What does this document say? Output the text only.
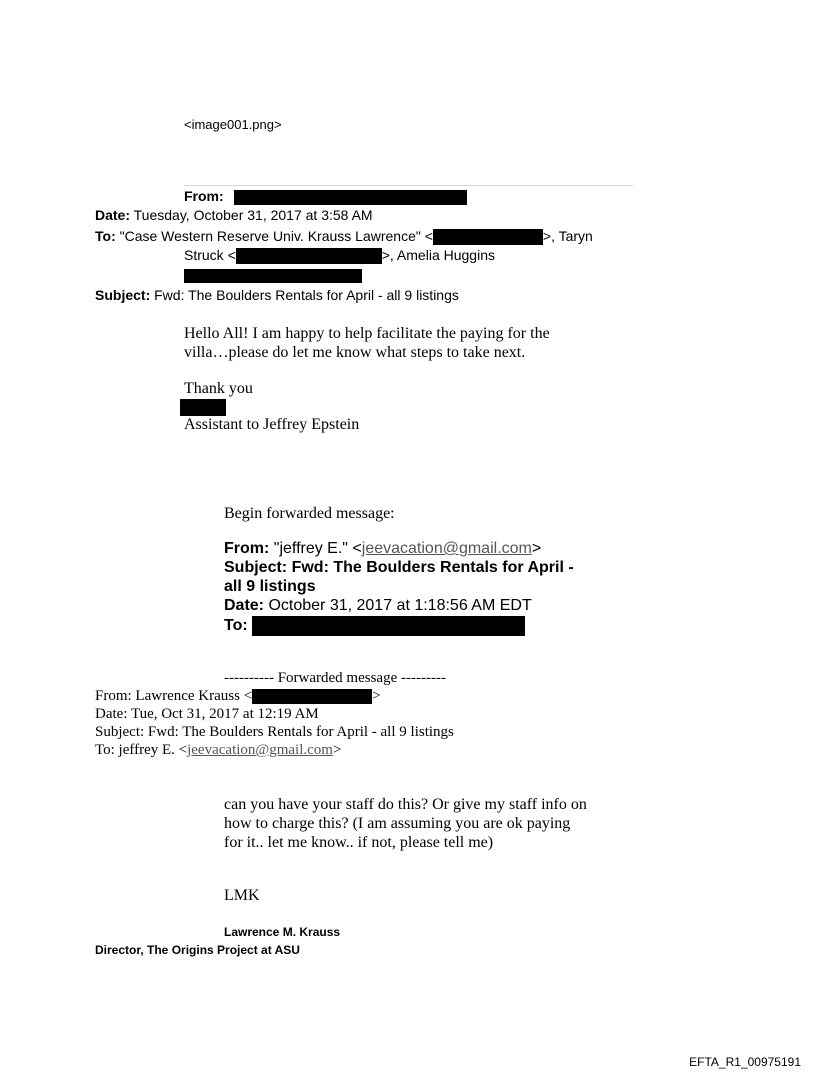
<image001.png>
From:
Date: Tuesday, October 31, 2017 at 3:58 AM
To: "Case Western Reserve Univ. Krauss Lawrence" <	>, Taryn
Struck <	>, Amelia Huggins
Subject: Fwd: The Boulders Rentals for April - all 9 listings
Hello All! I am happy to help facilitate the paying for the
villa…please do let me know what steps to take next.
Thank you
Assistant to Jeffrey Epstein
Begin forwarded message:
From: "jeffrey E." <jeevacation@gmail.com>
Subject: Fwd: The Boulders Rentals for April -
all 9 listings
Date: October 31, 2017 at 1:18:56 AM EDT
To:
---------- Forwarded message ---------
From: Lawrence Krauss <	>
Date: Tue, Oct 31, 2017 at 12:19 AM
Subject: Fwd: The Boulders Rentals for April - all 9 listings
To: jeffrey E. <jeevacation@gmail.com>
can you have your staff do this? Or give my staff info on
how to charge this? (I am assuming you are ok paying
for it.. let me know.. if not, please tell me)
LMK
Lawrence M. Krauss
Director, The Origins Project at ASU
EFTA_R1_00975191
